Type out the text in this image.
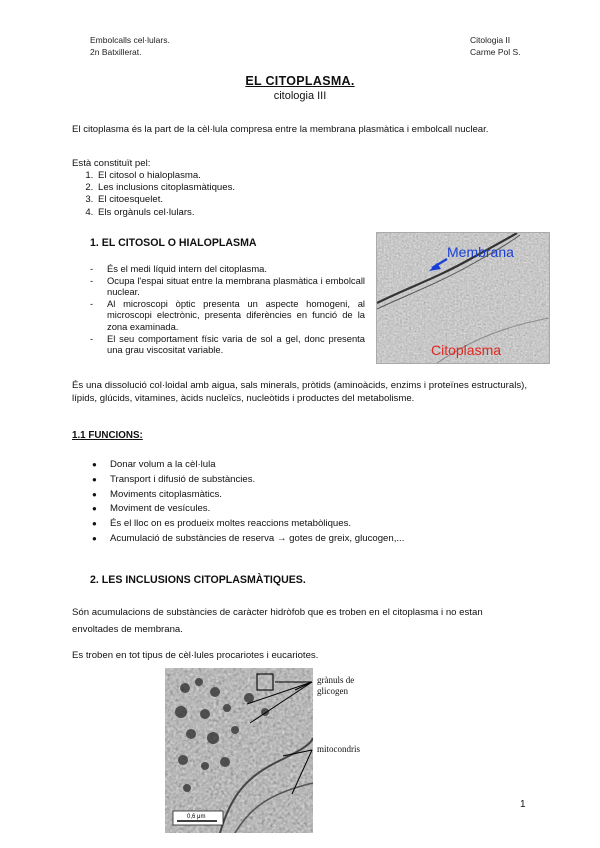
Embolcalls cel·lulars.
2n Batxillerat.
Citologia II
Carme Pol S.
EL CITOPLASMA.
citologia III

El citoplasma és la part de la cèl·lula compresa entre la membrana plasmàtica i embolcall nuclear.

Està constituït pel:

1. El citosol o hialoplasma.
2. Les inclusions citoplasmàtiques.
3. El citoesquelet.
4. Els orgànuls cel·lulars.
1. EL CITOSOL O HIALOPLASMA
- És el medi líquid intern del citoplasma.
- Ocupa l'espai situat entre la membrana plasmàtica i embolcall nuclear.
- Al microscopi òptic presenta un aspecte homogeni, al microscopi electrònic, presenta diferències en funció de la zona examinada.
- El seu comportament físic varia de sol a gel, donc presenta una grau viscositat variable.
Membrana
Citoplasma

És una dissolució col·loidal amb aigua, sals minerals, pròtids (aminoàcids, enzims i proteïnes estructurals), lípids, glúcids, vitamines, àcids nucleïcs, nucleòtids i productes del metabolisme.

1.1 FUNCIONS:
● Donar volum a la cèl·lula
● Transport i difusió de substàncies.
● Moviments citoplasmàtics.
● Moviment de vesícules.
● És el lloc on es produeix moltes reaccions metabòliques.
● Acumulació de substàncies de reserva → gotes de greix, glucogen,...
2. LES INCLUSIONS CITOPLASMÀTIQUES.

Són acumulacions de substàncies de caràcter hidròfob que es troben en el citoplasma i no estan envoltades de membrana.

Es troben en tot tipus de cèl·lules procariotes i eucariotes.

0,6 μm
grànuls de
glicogen
mitocondris
1
